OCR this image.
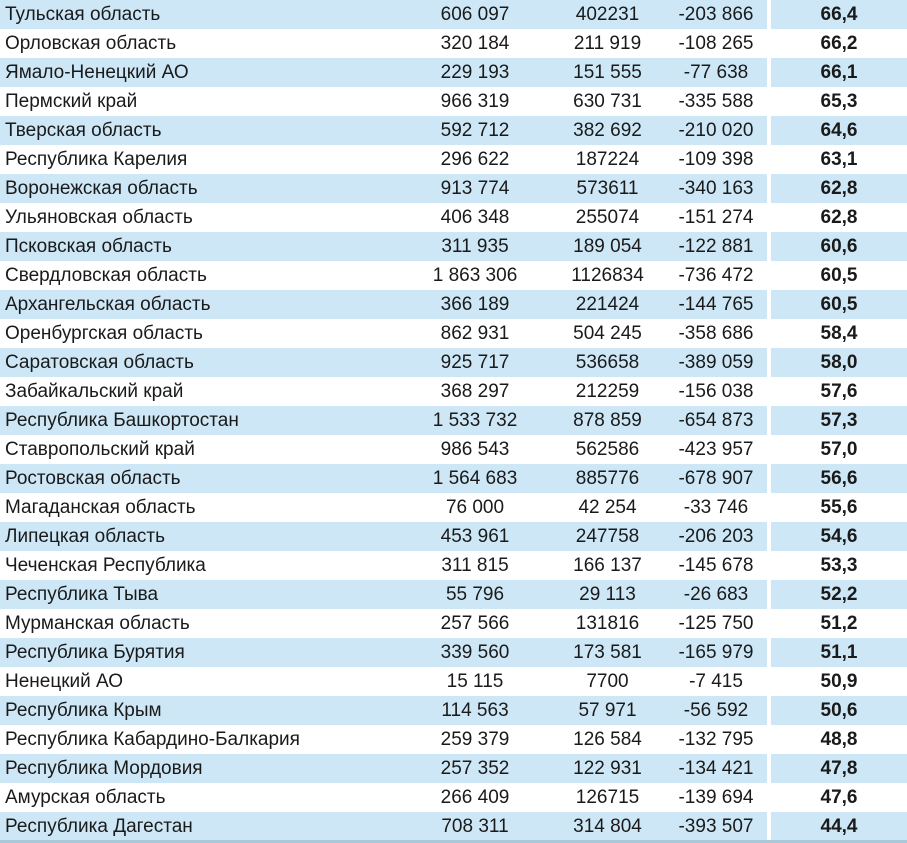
Тульская область	606 097	402231	-203 866	66,4
Орловская область	320 184	211 919	-108 265	66,2
Ямало-Ненецкий АО	229 193	151 555	-77 638	66,1
Пермский край	966 319	630 731	-335 588	65,3
Тверская область	592 712	382 692	-210 020	64,6
Республика Карелия	296 622	187224	-109 398	63,1
Воронежская область	913 774	573611	-340 163	62,8
Ульяновская область	406 348	255074	-151 274	62,8
Псковская область	311 935	189 054	-122 881	60,6
Свердловская область	1 863 306	1126834	-736 472	60,5
Архангельская область	366 189	221424	-144 765	60,5
Оренбургская область	862 931	504 245	-358 686	58,4
Саратовская область	925 717	536658	-389 059	58,0
Забайкальский край	368 297	212259	-156 038	57,6
Республика Башкортостан	1 533 732	878 859	-654 873	57,3
Ставропольский край	986 543	562586	-423 957	57,0
Ростовская область	1 564 683	885776	-678 907	56,6
Магаданская область	76 000	42 254	-33 746	55,6
Липецкая область	453 961	247758	-206 203	54,6
Чеченская Республика	311 815	166 137	-145 678	53,3
Республика Тыва	55 796	29 113	-26 683	52,2
Мурманская область	257 566	131816	-125 750	51,2
Республика Бурятия	339 560	173 581	-165 979	51,1
Ненецкий АО	15 115	7700	-7 415	50,9
Республика Крым	114 563	57 971	-56 592	50,6
Республика Кабардино-Балкария	259 379	126 584	-132 795	48,8
Республика Мордовия	257 352	122 931	-134 421	47,8
Амурская область	266 409	126715	-139 694	47,6
Республика Дагестан	708 311	314 804	-393 507	44,4
